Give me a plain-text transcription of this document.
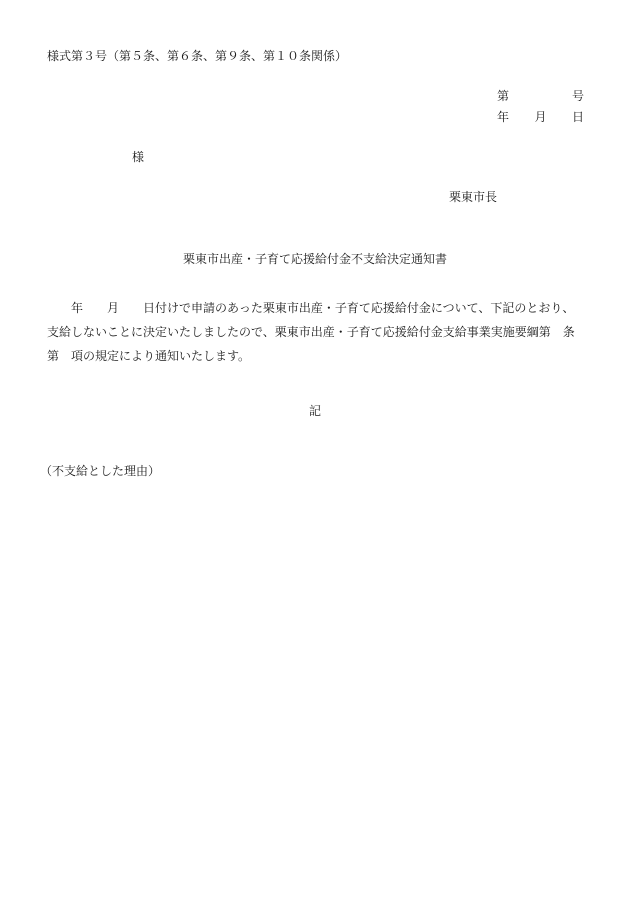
様式第３号（第５条、第６条、第９条、第１０条関係）
第	号
年 月 日
様
栗東市長
栗東市出産・子育て応援給付金不支給決定通知書
　　年　　月　　日付けで申請のあった栗東市出産・子育て応援給付金について、下記のとおり、
支給しないことに決定いたしましたので、栗東市出産・子育て応援給付金支給事業実施要綱第　条
第　項の規定により通知いたします。
記
（不支給とした理由）
